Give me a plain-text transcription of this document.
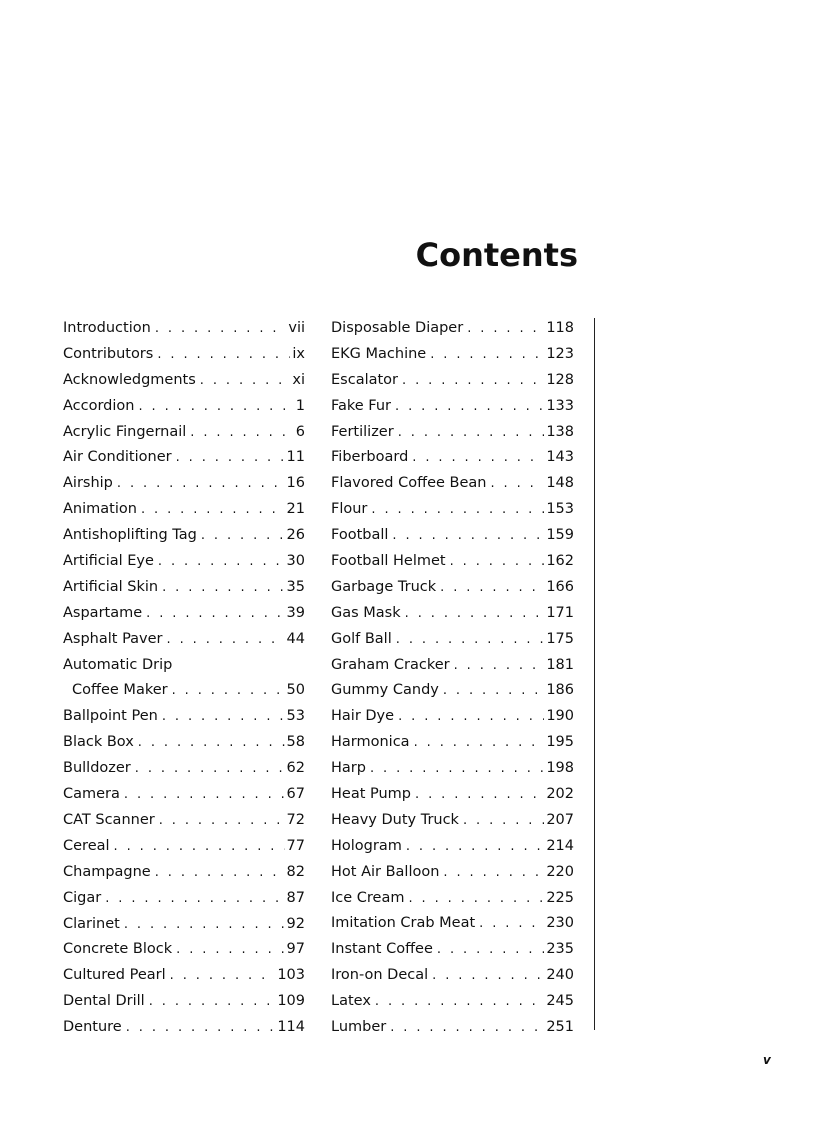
Contents
Introduction . . .	vii
Contributors . . .	ix
Acknowledgments . . .	xi
Accordion . . .	1
Acrylic Fingernail . . .	6
Air Conditioner . . .	11
Airship . . .	16
Animation . . .	21
Antishoplifting Tag . . .	26
Artificial Eye . . .	30
Artificial Skin . . .	35
Aspartame . . .	39
Asphalt Paver . . .	44
Automatic Drip
Coffee Maker . . .	50
Ballpoint Pen . . .	53
Black Box . . .	58
Bulldozer . . .	62
Camera . . .	67
CAT Scanner . . .	72
Cereal . . .	77
Champagne . . .	82
Cigar . . .	87
Clarinet . . .	92
Concrete Block . . .	97
Cultured Pearl . . .	103
Dental Drill . . .	109
Denture . . .	114
Disposable Diaper . . .	118
EKG Machine . . .	123
Escalator . . .	128
Fake Fur . . .	133
Fertilizer . . .	138
Fiberboard . . .	143
Flavored Coffee Bean . . .	148
Flour . . .	153
Football . . .	159
Football Helmet . . .	162
Garbage Truck . . .	166
Gas Mask . . .	171
Golf Ball . . .	175
Graham Cracker . . .	181
Gummy Candy . . .	186
Hair Dye . . .	190
Harmonica . . .	195
Harp . . .	198
Heat Pump . . .	202
Heavy Duty Truck . . .	207
Hologram . . .	214
Hot Air Balloon . . .	220
Ice Cream . . .	225
Imitation Crab Meat . . .	230
Instant Coffee . . .	235
Iron-on Decal . . .	240
Latex . . .	245
Lumber . . .	251
v
